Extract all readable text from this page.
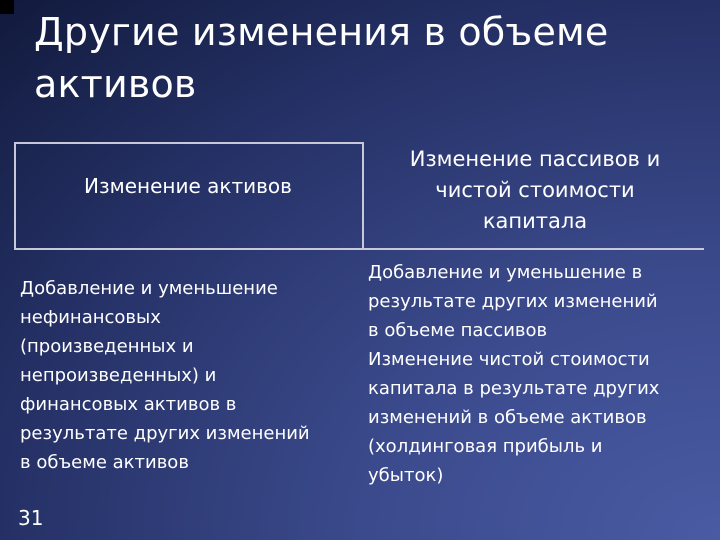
Другие изменения в объеме
активов
Изменение активов
Изменение пассивов и
чистой стоимости
капитала
Добавление и уменьшение
нефинансовых
(произведенных и
непроизведенных) и
финансовых активов в
результате других изменений
в объеме активов
Добавление и уменьшение в
результате других изменений
в объеме пассивов
Изменение чистой стоимости
капитала в результате других
изменений в объеме активов
(холдинговая прибыль и
убыток)
31
